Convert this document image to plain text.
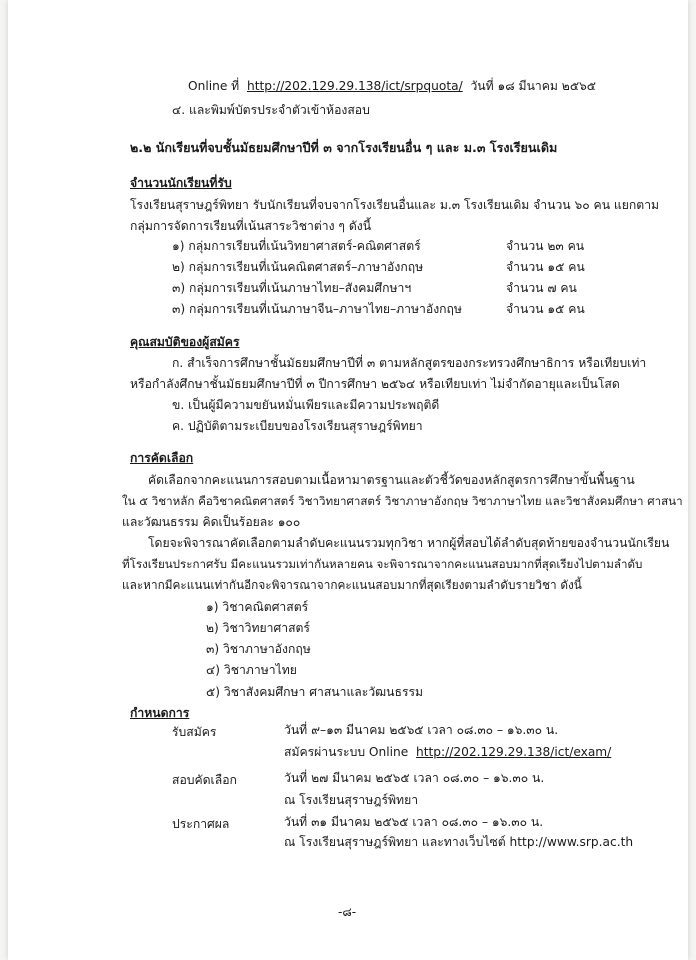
Online ที่ http://202.129.29.138/ict/srpquota/ วันที่ ๑๘ มีนาคม ๒๕๖๕
๔. และพิมพ์บัตรประจำตัวเข้าห้องสอบ
๒.๒ นักเรียนที่จบชั้นมัธยมศึกษาปีที่ ๓ จากโรงเรียนอื่น ๆ และ ม.๓ โรงเรียนเดิม
จำนวนนักเรียนที่รับ
โรงเรียนสุราษฎร์พิทยา รับนักเรียนที่จบจากโรงเรียนอื่นและ ม.๓ โรงเรียนเดิม จำนวน ๖๐ คน แยกตาม
กลุ่มการจัดการเรียนที่เน้นสาระวิชาต่าง ๆ ดังนี้
๑) กลุ่มการเรียนที่เน้นวิทยาศาสตร์-คณิตศาสตร์	จำนวน ๒๓ คน
๒) กลุ่มการเรียนที่เน้นคณิตศาสตร์–ภาษาอังกฤษ	จำนวน ๑๕ คน
๓) กลุ่มการเรียนที่เน้นภาษาไทย–สังคมศึกษาฯ	จำนวน ๗ คน
๓) กลุ่มการเรียนที่เน้นภาษาจีน–ภาษาไทย–ภาษาอังกฤษ	จำนวน ๑๕ คน
คุณสมบัติของผู้สมัคร
ก. สำเร็จการศึกษาชั้นมัธยมศึกษาปีที่ ๓ ตามหลักสูตรของกระทรวงศึกษาธิการ หรือเทียบเท่า
หรือกำลังศึกษาชั้นมัธยมศึกษาปีที่ ๓ ปีการศึกษา ๒๕๖๔ หรือเทียบเท่า ไม่จำกัดอายุและเป็นโสด
ข. เป็นผู้มีความขยันหมั่นเพียรและมีความประพฤติดี
ค. ปฏิบัติตามระเบียบของโรงเรียนสุราษฎร์พิทยา
การคัดเลือก
คัดเลือกจากคะแนนการสอบตามเนื้อหามาตรฐานและตัวชี้วัดของหลักสูตรการศึกษาขั้นพื้นฐาน
ใน ๕ วิชาหลัก คือวิชาคณิตศาสตร์ วิชาวิทยาศาสตร์ วิชาภาษาอังกฤษ วิชาภาษาไทย และวิชาสังคมศึกษา ศาสนา
และวัฒนธรรม คิดเป็นร้อยละ ๑๐๐
โดยจะพิจารณาคัดเลือกตามลำดับคะแนนรวมทุกวิชา หากผู้ที่สอบได้ลำดับสุดท้ายของจำนวนนักเรียน
ที่โรงเรียนประกาศรับ มีคะแนนรวมเท่ากันหลายคน จะพิจารณาจากคะแนนสอบมากที่สุดเรียงไปตามลำดับ
และหากมีคะแนนเท่ากันอีกจะพิจารณาจากคะแนนสอบมากที่สุดเรียงตามลำดับรายวิชา ดังนี้
๑) วิชาคณิตศาสตร์
๒) วิชาวิทยาศาสตร์
๓) วิชาภาษาอังกฤษ
๔) วิชาภาษาไทย
๕) วิชาสังคมศึกษา ศาสนาและวัฒนธรรม
กำหนดการ
รับสมัคร	วันที่ ๙–๑๓ มีนาคม ๒๕๖๕ เวลา ๐๘.๓๐ – ๑๖.๓๐ น.
สมัครผ่านระบบ Online http://202.129.29.138/ict/exam/
สอบคัดเลือก	วันที่ ๒๗ มีนาคม ๒๕๖๕ เวลา ๐๘.๓๐ – ๑๖.๓๐ น.
ณ โรงเรียนสุราษฎร์พิทยา
ประกาศผล	วันที่ ๓๑ มีนาคม ๒๕๖๕ เวลา ๐๘.๓๐ – ๑๖.๓๐ น.
ณ โรงเรียนสุราษฎร์พิทยา และทางเว็บไซต์ http://www.srp.ac.th
-๘-
